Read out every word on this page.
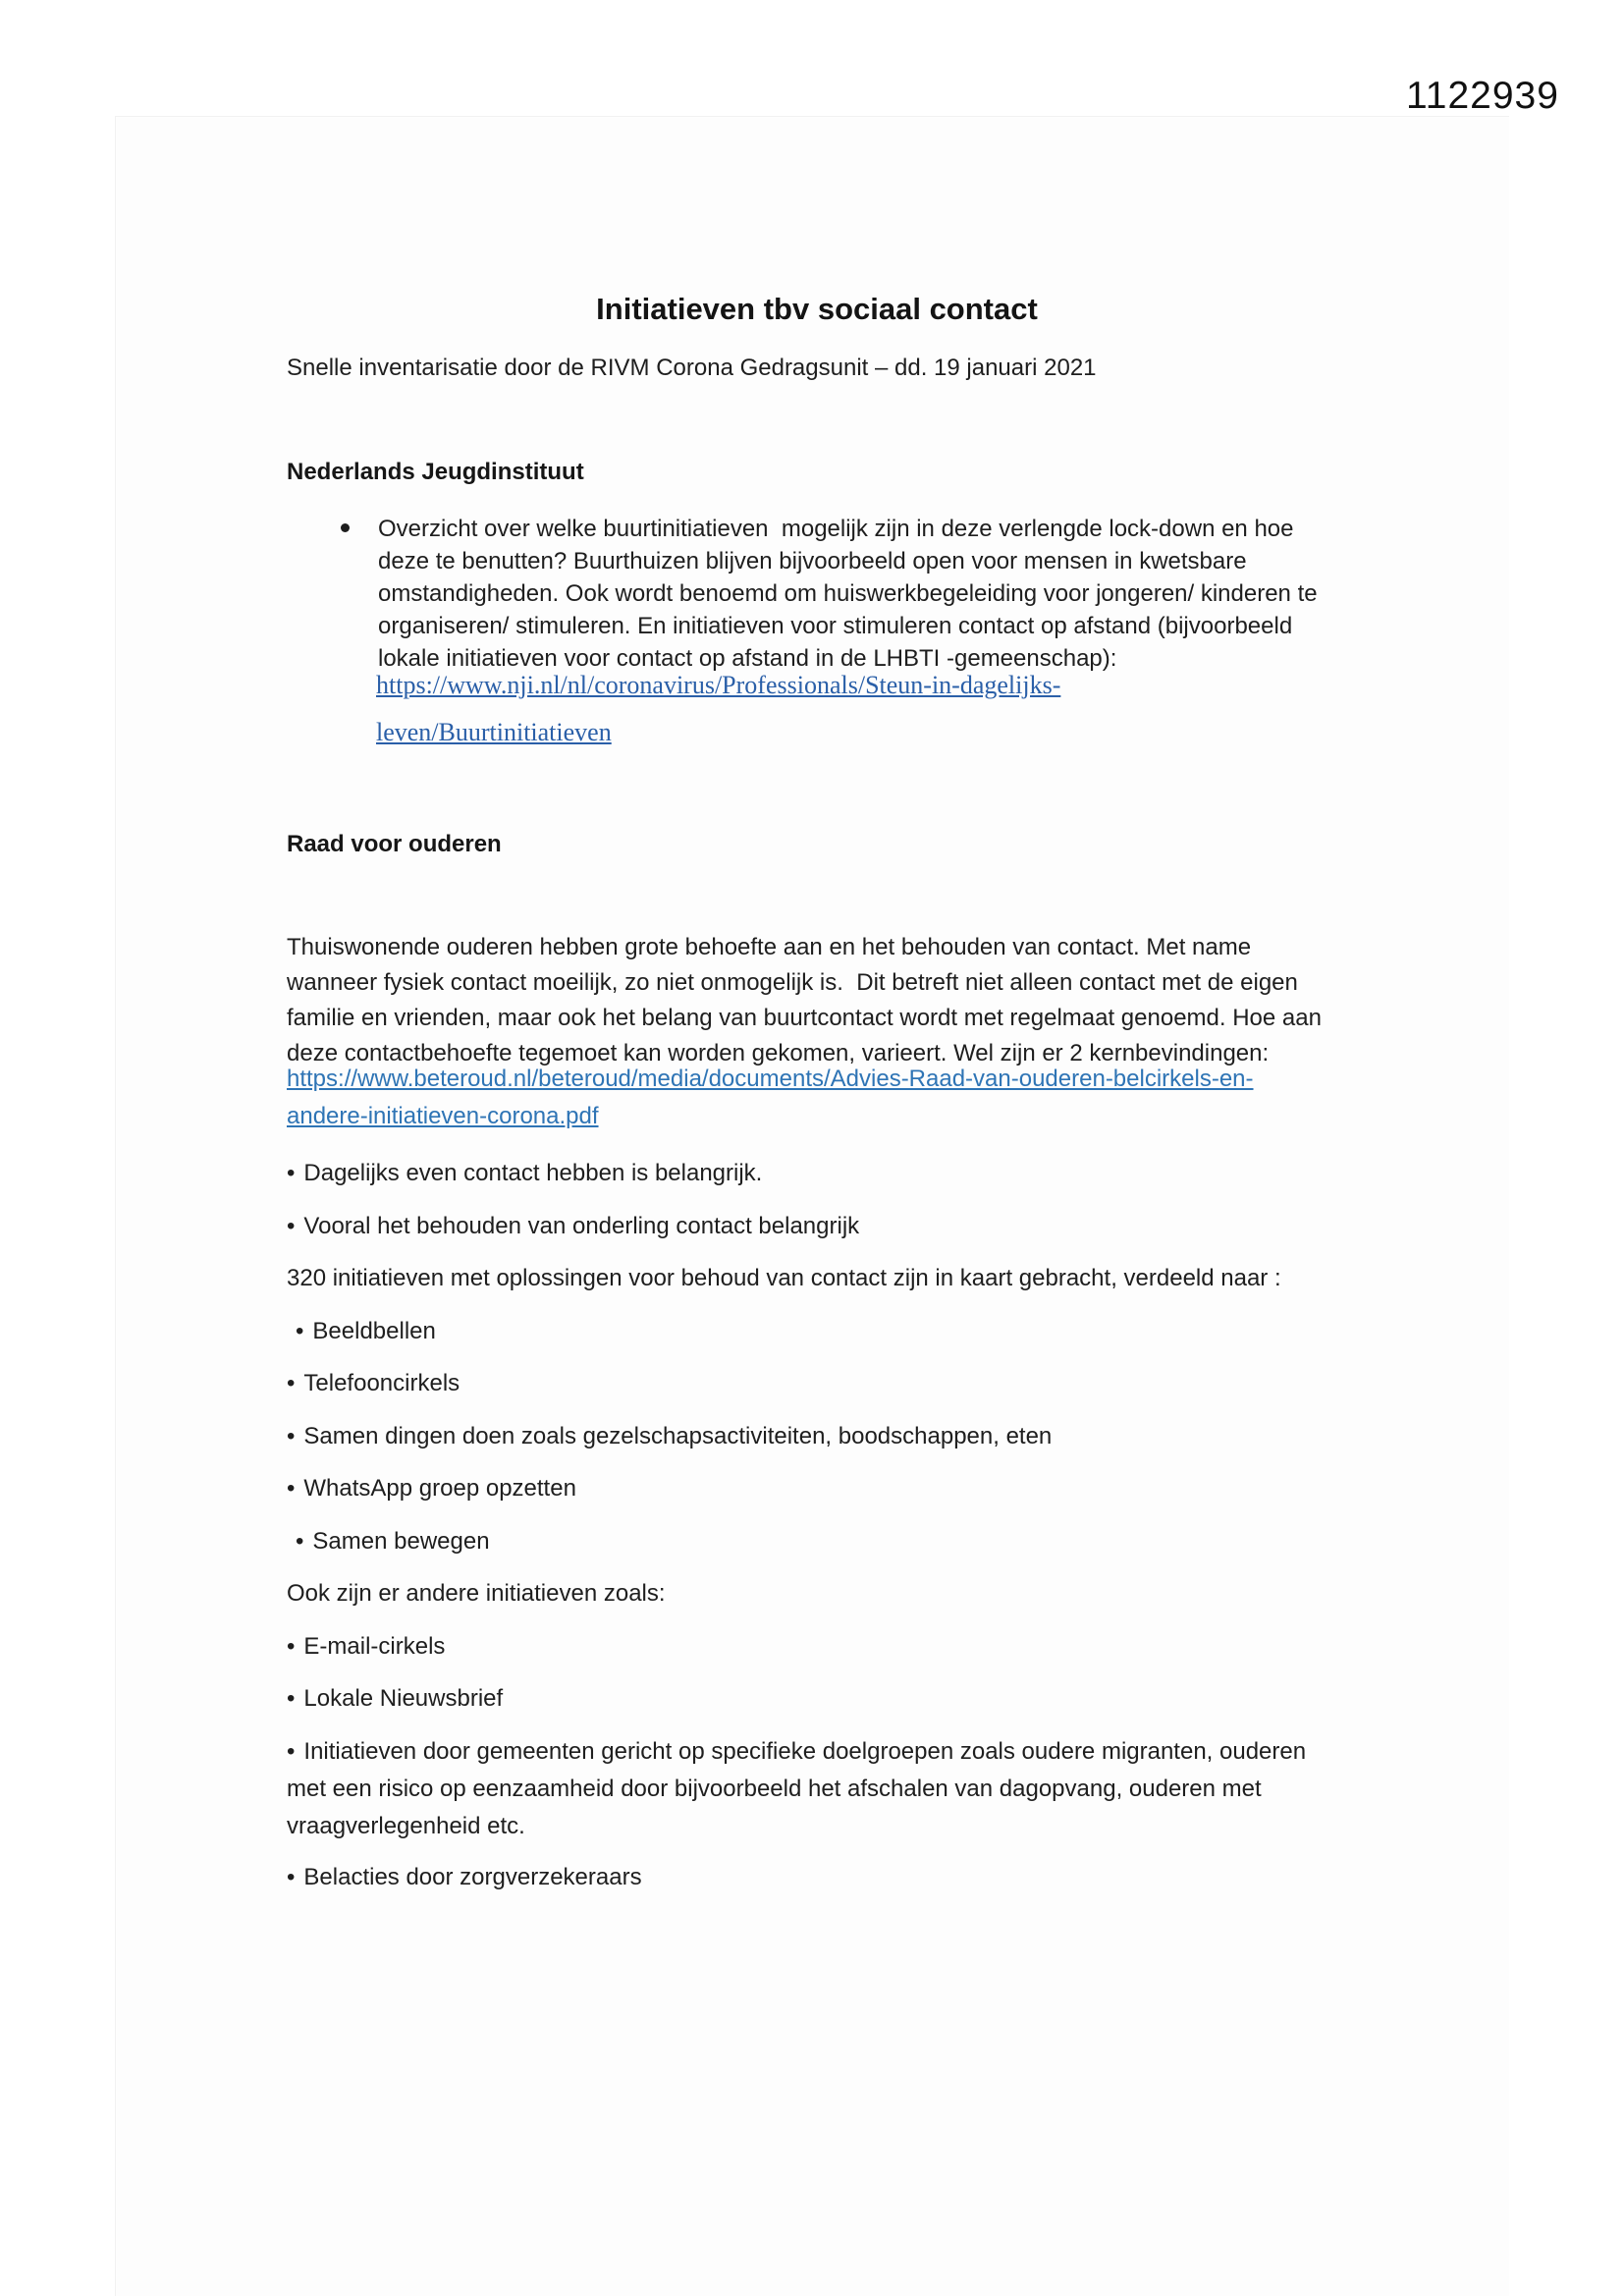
1122939
Initiatieven tbv sociaal contact
Snelle inventarisatie door de RIVM Corona Gedragsunit – dd. 19 januari 2021
Nederlands Jeugdinstituut
Overzicht over welke buurtinitiatieven  mogelijk zijn in deze verlengde lock-down en hoe
deze te benutten? Buurthuizen blijven bijvoorbeeld open voor mensen in kwetsbare
omstandigheden. Ook wordt benoemd om huiswerkbegeleiding voor jongeren/ kinderen te
organiseren/ stimuleren. En initiatieven voor stimuleren contact op afstand (bijvoorbeeld
lokale initiatieven voor contact op afstand in de LHBTI -gemeenschap):
https://www.nji.nl/nl/coronavirus/Professionals/Steun-in-dagelijks-
leven/Buurtinitiatieven
Raad voor ouderen
Thuiswonende ouderen hebben grote behoefte aan en het behouden van contact. Met name
wanneer fysiek contact moeilijk, zo niet onmogelijk is.  Dit betreft niet alleen contact met de eigen
familie en vrienden, maar ook het belang van buurtcontact wordt met regelmaat genoemd. Hoe aan
deze contactbehoefte tegemoet kan worden gekomen, varieert. Wel zijn er 2 kernbevindingen:
https://www.beteroud.nl/beteroud/media/documents/Advies-Raad-van-ouderen-belcirkels-en-
andere-initiatieven-corona.pdf
• Dagelijks even contact hebben is belangrijk.
• Vooral het behouden van onderling contact belangrijk
320 initiatieven met oplossingen voor behoud van contact zijn in kaart gebracht, verdeeld naar :
• Beeldbellen
• Telefooncirkels
• Samen dingen doen zoals gezelschapsactiviteiten, boodschappen, eten
• WhatsApp groep opzetten
• Samen bewegen
Ook zijn er andere initiatieven zoals:
• E-mail-cirkels
• Lokale Nieuwsbrief
• Initiatieven door gemeenten gericht op specifieke doelgroepen zoals oudere migranten, ouderen
met een risico op eenzaamheid door bijvoorbeeld het afschalen van dagopvang, ouderen met
vraagverlegenheid etc.
• Belacties door zorgverzekeraars
